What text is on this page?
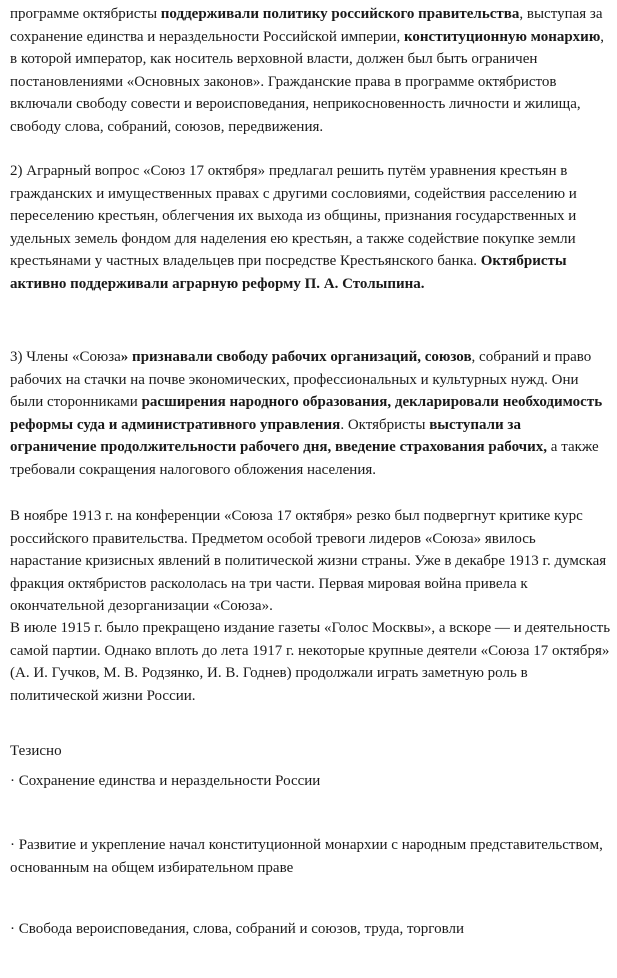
программе октябристы поддерживали политику российского правительства, выступая за сохранение единства и нераздельности Российской империи, конституционную монархию, в которой император, как носитель верховной власти, должен был быть ограничен постановлениями «Основных законов». Гражданские права в программе октябристов включали свободу совести и вероисповедания, неприкосновенность личности и жилища, свободу слова, собраний, союзов, передвижения.

2) Аграрный вопрос «Союз 17 октября» предлагал решить путём уравнения крестьян в гражданских и имущественных правах с другими сословиями, содействия расселению и переселению крестьян, облегчения их выхода из общины, признания государственных и удельных земель фондом для наделения ею крестьян, а также содействие покупке земли крестьянами у частных владельцев при посредстве Крестьянского банка. Октябристы активно поддерживали аграрную реформу П. А. Столыпина.

3) Члены «Союза» признавали свободу рабочих организаций, союзов, собраний и право рабочих на стачки на почве экономических, профессиональных и культурных нужд. Они были сторонниками расширения народного образования, декларировали необходимость реформы суда и административного управления. Октябристы выступали за ограничение продолжительности рабочего дня, введение страхования рабочих, а также требовали сокращения налогового обложения населения.

В ноябре 1913 г. на конференции «Союза 17 октября» резко был подвергнут критике курс российского правительства. Предметом особой тревоги лидеров «Союза» явилось нарастание кризисных явлений в политической жизни страны. Уже в декабре 1913 г. думская фракция октябристов раскололась на три части. Первая мировая война привела к окончательной дезорганизации «Союза».

В июле 1915 г. было прекращено издание газеты «Голос Москвы», а вскоре — и деятельность самой партии. Однако вплоть до лета 1917 г. некоторые крупные деятели «Союза 17 октября» (А. И. Гучков, М. В. Родзянко, И. В. Годнев) продолжали играть заметную роль в политической жизни России.

Тезисно

· Сохранение единства и нераздельности России

· Развитие и укрепление начал конституционной монархии с народным представительством, основанным на общем избирательном праве

· Свобода вероисповедания, слова, собраний и союзов, труда, торговли
